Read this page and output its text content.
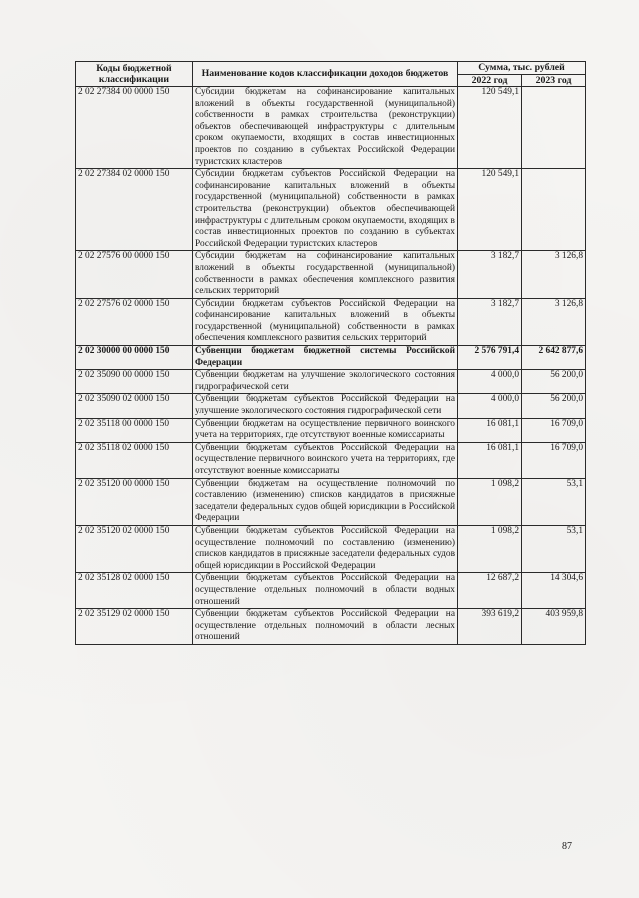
Коды бюджетной классификации	Наименование кодов классификации доходов бюджетов	Сумма, тыс. рублей	
		2022 год	2023 год
2 02 27384 00 0000 150	Субсидии бюджетам на софинансирование капитальных вложений в объекты государственной (муниципальной) собственности в рамках строительства (реконструкции) объектов обеспечивающей инфраструктуры с длительным сроком окупаемости, входящих в состав инвестиционных проектов по созданию в субъектах Российской Федерации туристских кластеров	120 549,1	
2 02 27384 02 0000 150	Субсидии бюджетам субъектов Российской Федерации на софинансирование капитальных вложений в объекты государственной (муниципальной) собственности в рамках строительства (реконструкции) объектов обеспечивающей инфраструктуры с длительным сроком окупаемости, входящих в состав инвестиционных проектов по созданию в субъектах Российской Федерации туристских кластеров	120 549,1	
2 02 27576 00 0000 150	Субсидии бюджетам на софинансирование капитальных вложений в объекты государственной (муниципальной) собственности в рамках обеспечения комплексного развития сельских территорий	3 182,7	3 126,8
2 02 27576 02 0000 150	Субсидии бюджетам субъектов Российской Федерации на софинансирование капитальных вложений в объекты государственной (муниципальной) собственности в рамках обеспечения комплексного развития сельских территорий	3 182,7	3 126,8
2 02 30000 00 0000 150	Субвенции бюджетам бюджетной системы Российской Федерации	2 576 791,4	2 642 877,6
2 02 35090 00 0000 150	Субвенции бюджетам на улучшение экологического состояния гидрографической сети	4 000,0	56 200,0
2 02 35090 02 0000 150	Субвенции бюджетам субъектов Российской Федерации на улучшение экологического состояния гидрографической сети	4 000,0	56 200,0
2 02 35118 00 0000 150	Субвенции бюджетам на осуществление первичного воинского учета на территориях, где отсутствуют военные комиссариаты	16 081,1	16 709,0
2 02 35118 02 0000 150	Субвенции бюджетам субъектов Российской Федерации на осуществление первичного воинского учета на территориях, где отсутствуют военные комиссариаты	16 081,1	16 709,0
2 02 35120 00 0000 150	Субвенции бюджетам на осуществление полномочий по составлению (изменению) списков кандидатов в присяжные заседатели федеральных судов общей юрисдикции в Российской Федерации	1 098,2	53,1
2 02 35120 02 0000 150	Субвенции бюджетам субъектов Российской Федерации на осуществление полномочий по составлению (изменению) списков кандидатов в присяжные заседатели федеральных судов общей юрисдикции в Российской Федерации	1 098,2	53,1
2 02 35128 02 0000 150	Субвенции бюджетам субъектов Российской Федерации на осуществление отдельных полномочий в области водных отношений	12 687,2	14 304,6
2 02 35129 02 0000 150	Субвенции бюджетам субъектов Российской Федерации на осуществление отдельных полномочий в области лесных отношений	393 619,2	403 959,8
87
